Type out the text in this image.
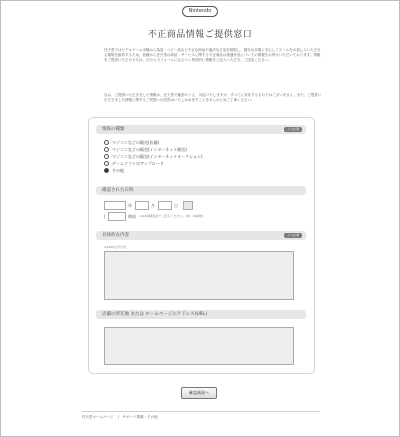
Nintendo
不正商品情報ご提供窓口
任天堂ではビデオゲーム市場から偽造・コピー品など不正な商品や違法な行為を排除し、健全な市場と安心してゲームをお楽しみいただける環境を維持するため、皆様から任天堂の商品・サービスに関する不正商品の流通状況についての情報をお寄せいただいております。情報をご提供いただける方は、次の入力フォームになるべく具体的に情報をご記入いただき、ご送信ください。
なお、ご提供いただきました情報は、任天堂で確認のうえ、対応いたしますが、すべてに対応するものではございません。また、ご提供いただきました情報に関するご質問への回答はいたしかねますことをあらかじめご了承ください。
情報の種類	入力必須
マジコンなどの販売(店舗)
マジコンなどの販売(インターネット販売)
マジコンなどの販売(インターネットオークション)
ゲームソフトのアップロード
その他
確認された日時
年	月	日
(	時頃 ※24時間表記でご記入ください。(例：14時頃)
具体的な内容	入力必須
※1000文字以内
店舗の所在地 または ホームページのアドレス(URL)
確認画面へ
任天堂ホームページ | サポート情報・その他
